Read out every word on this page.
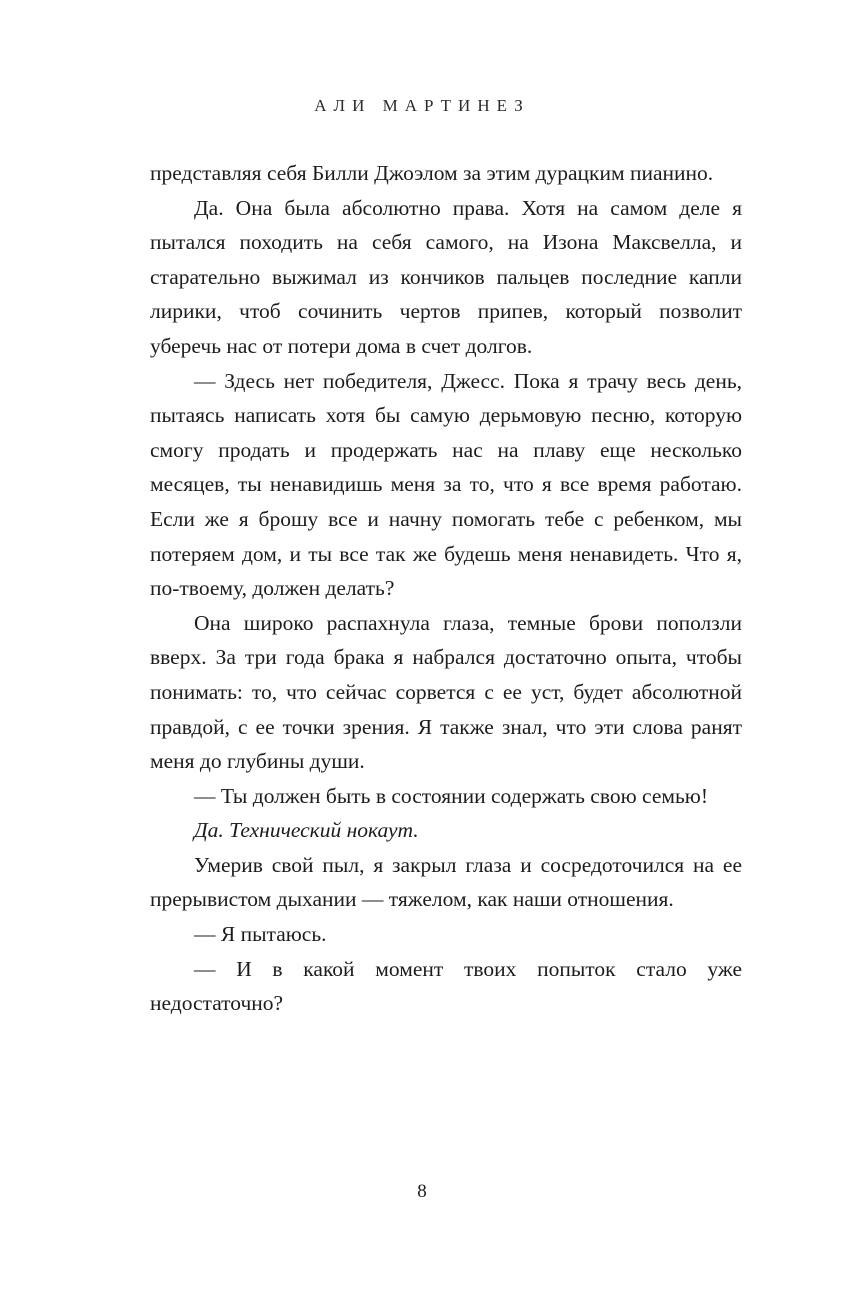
АЛИ МАРТИНЕЗ

представляя себя Билли Джоэлом за этим дурацким пианино.

Да. Она была абсолютно права. Хотя на самом деле я пытался походить на себя самого, на Изона Максвелла, и старательно выжимал из кончиков пальцев последние капли лирики, чтоб сочинить чертов припев, который позволит уберечь нас от потери дома в счет долгов.

— Здесь нет победителя, Джесс. Пока я трачу весь день, пытаясь написать хотя бы самую дерьмовую песню, которую смогу продать и продержать нас на плаву еще несколько месяцев, ты ненавидишь меня за то, что я все время работаю. Если же я брошу все и начну помогать тебе с ребенком, мы потеряем дом, и ты все так же будешь меня ненавидеть. Что я, по-твоему, должен делать?

Она широко распахнула глаза, темные брови поползли вверх. За три года брака я набрался достаточно опыта, чтобы понимать: то, что сейчас сорвется с ее уст, будет абсолютной правдой, с ее точки зрения. Я также знал, что эти слова ранят меня до глубины души.

— Ты должен быть в состоянии содержать свою семью!

Да. Технический нокаут.

Умерив свой пыл, я закрыл глаза и сосредоточился на ее прерывистом дыхании — тяжелом, как наши отношения.

— Я пытаюсь.

— И в какой момент твоих попыток стало уже недостаточно?

8
